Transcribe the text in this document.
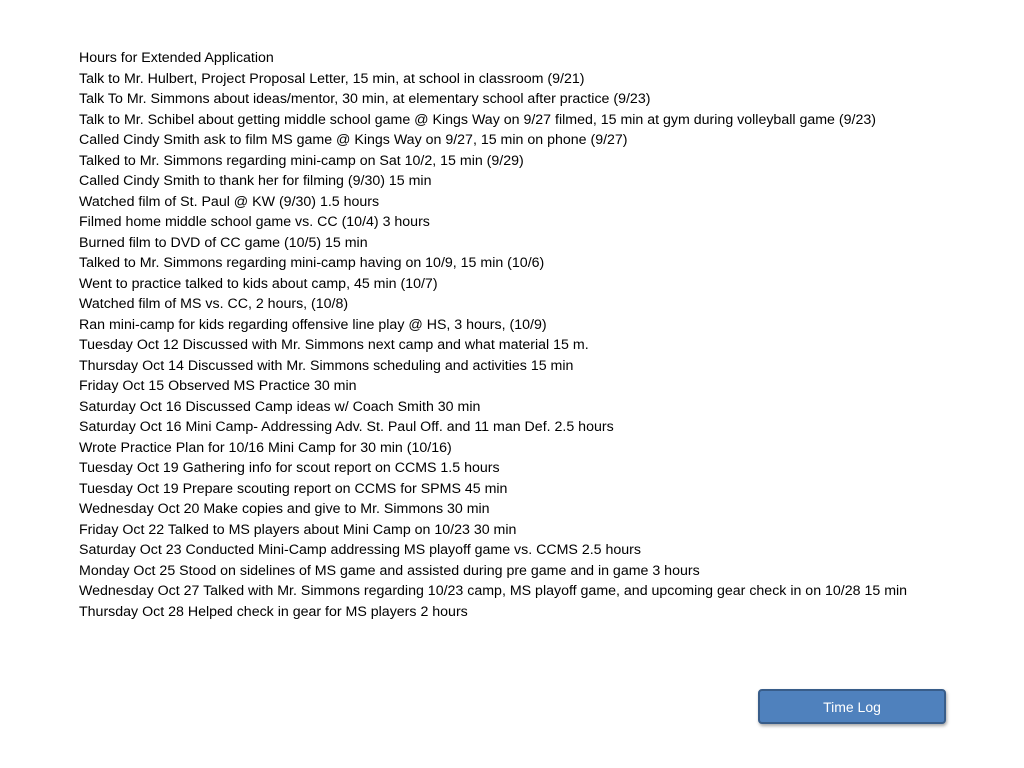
Hours for Extended Application
Talk to Mr. Hulbert, Project Proposal Letter, 15 min, at school in classroom (9/21)
Talk To Mr. Simmons about ideas/mentor, 30 min, at elementary school after practice (9/23)
Talk to Mr. Schibel about getting middle school game @ Kings Way on 9/27 filmed, 15 min at gym during volleyball game (9/23)
Called Cindy Smith ask to film MS game @ Kings Way on 9/27, 15 min on phone (9/27)
Talked to Mr. Simmons regarding mini-camp on Sat 10/2, 15 min (9/29)
Called Cindy Smith to thank her for filming (9/30) 15 min
Watched film of St. Paul @ KW (9/30) 1.5 hours
Filmed home middle school game vs. CC (10/4) 3 hours
Burned film to DVD of CC game (10/5) 15 min
Talked to Mr. Simmons regarding mini-camp having on 10/9, 15 min (10/6)
Went to practice talked to kids about camp, 45 min (10/7)
Watched film of MS vs. CC, 2 hours, (10/8)
Ran mini-camp for kids regarding offensive line play @ HS, 3 hours, (10/9)
Tuesday Oct 12 Discussed with Mr. Simmons next camp and what material 15 m.
Thursday Oct 14 Discussed with Mr. Simmons scheduling and activities 15 min
Friday Oct 15 Observed MS Practice 30 min
Saturday Oct 16 Discussed Camp ideas w/ Coach Smith 30 min
Saturday Oct 16 Mini Camp- Addressing Adv. St. Paul Off. and 11 man Def. 2.5 hours
Wrote Practice Plan for 10/16 Mini Camp for 30 min (10/16)
Tuesday Oct 19 Gathering info for scout report on CCMS 1.5 hours
Tuesday Oct 19 Prepare scouting report on CCMS for SPMS 45 min
Wednesday Oct 20 Make copies and give to Mr. Simmons 30 min
Friday Oct 22 Talked to MS players about Mini Camp on 10/23 30 min
Saturday Oct 23 Conducted Mini-Camp addressing MS playoff game vs. CCMS 2.5 hours
Monday Oct 25 Stood on sidelines of MS game and assisted during pre game and in game 3 hours
Wednesday Oct 27 Talked with Mr. Simmons regarding 10/23 camp, MS playoff game, and upcoming gear check in on 10/28 15 min
Thursday Oct 28 Helped check in gear for MS players 2 hours
Time Log
